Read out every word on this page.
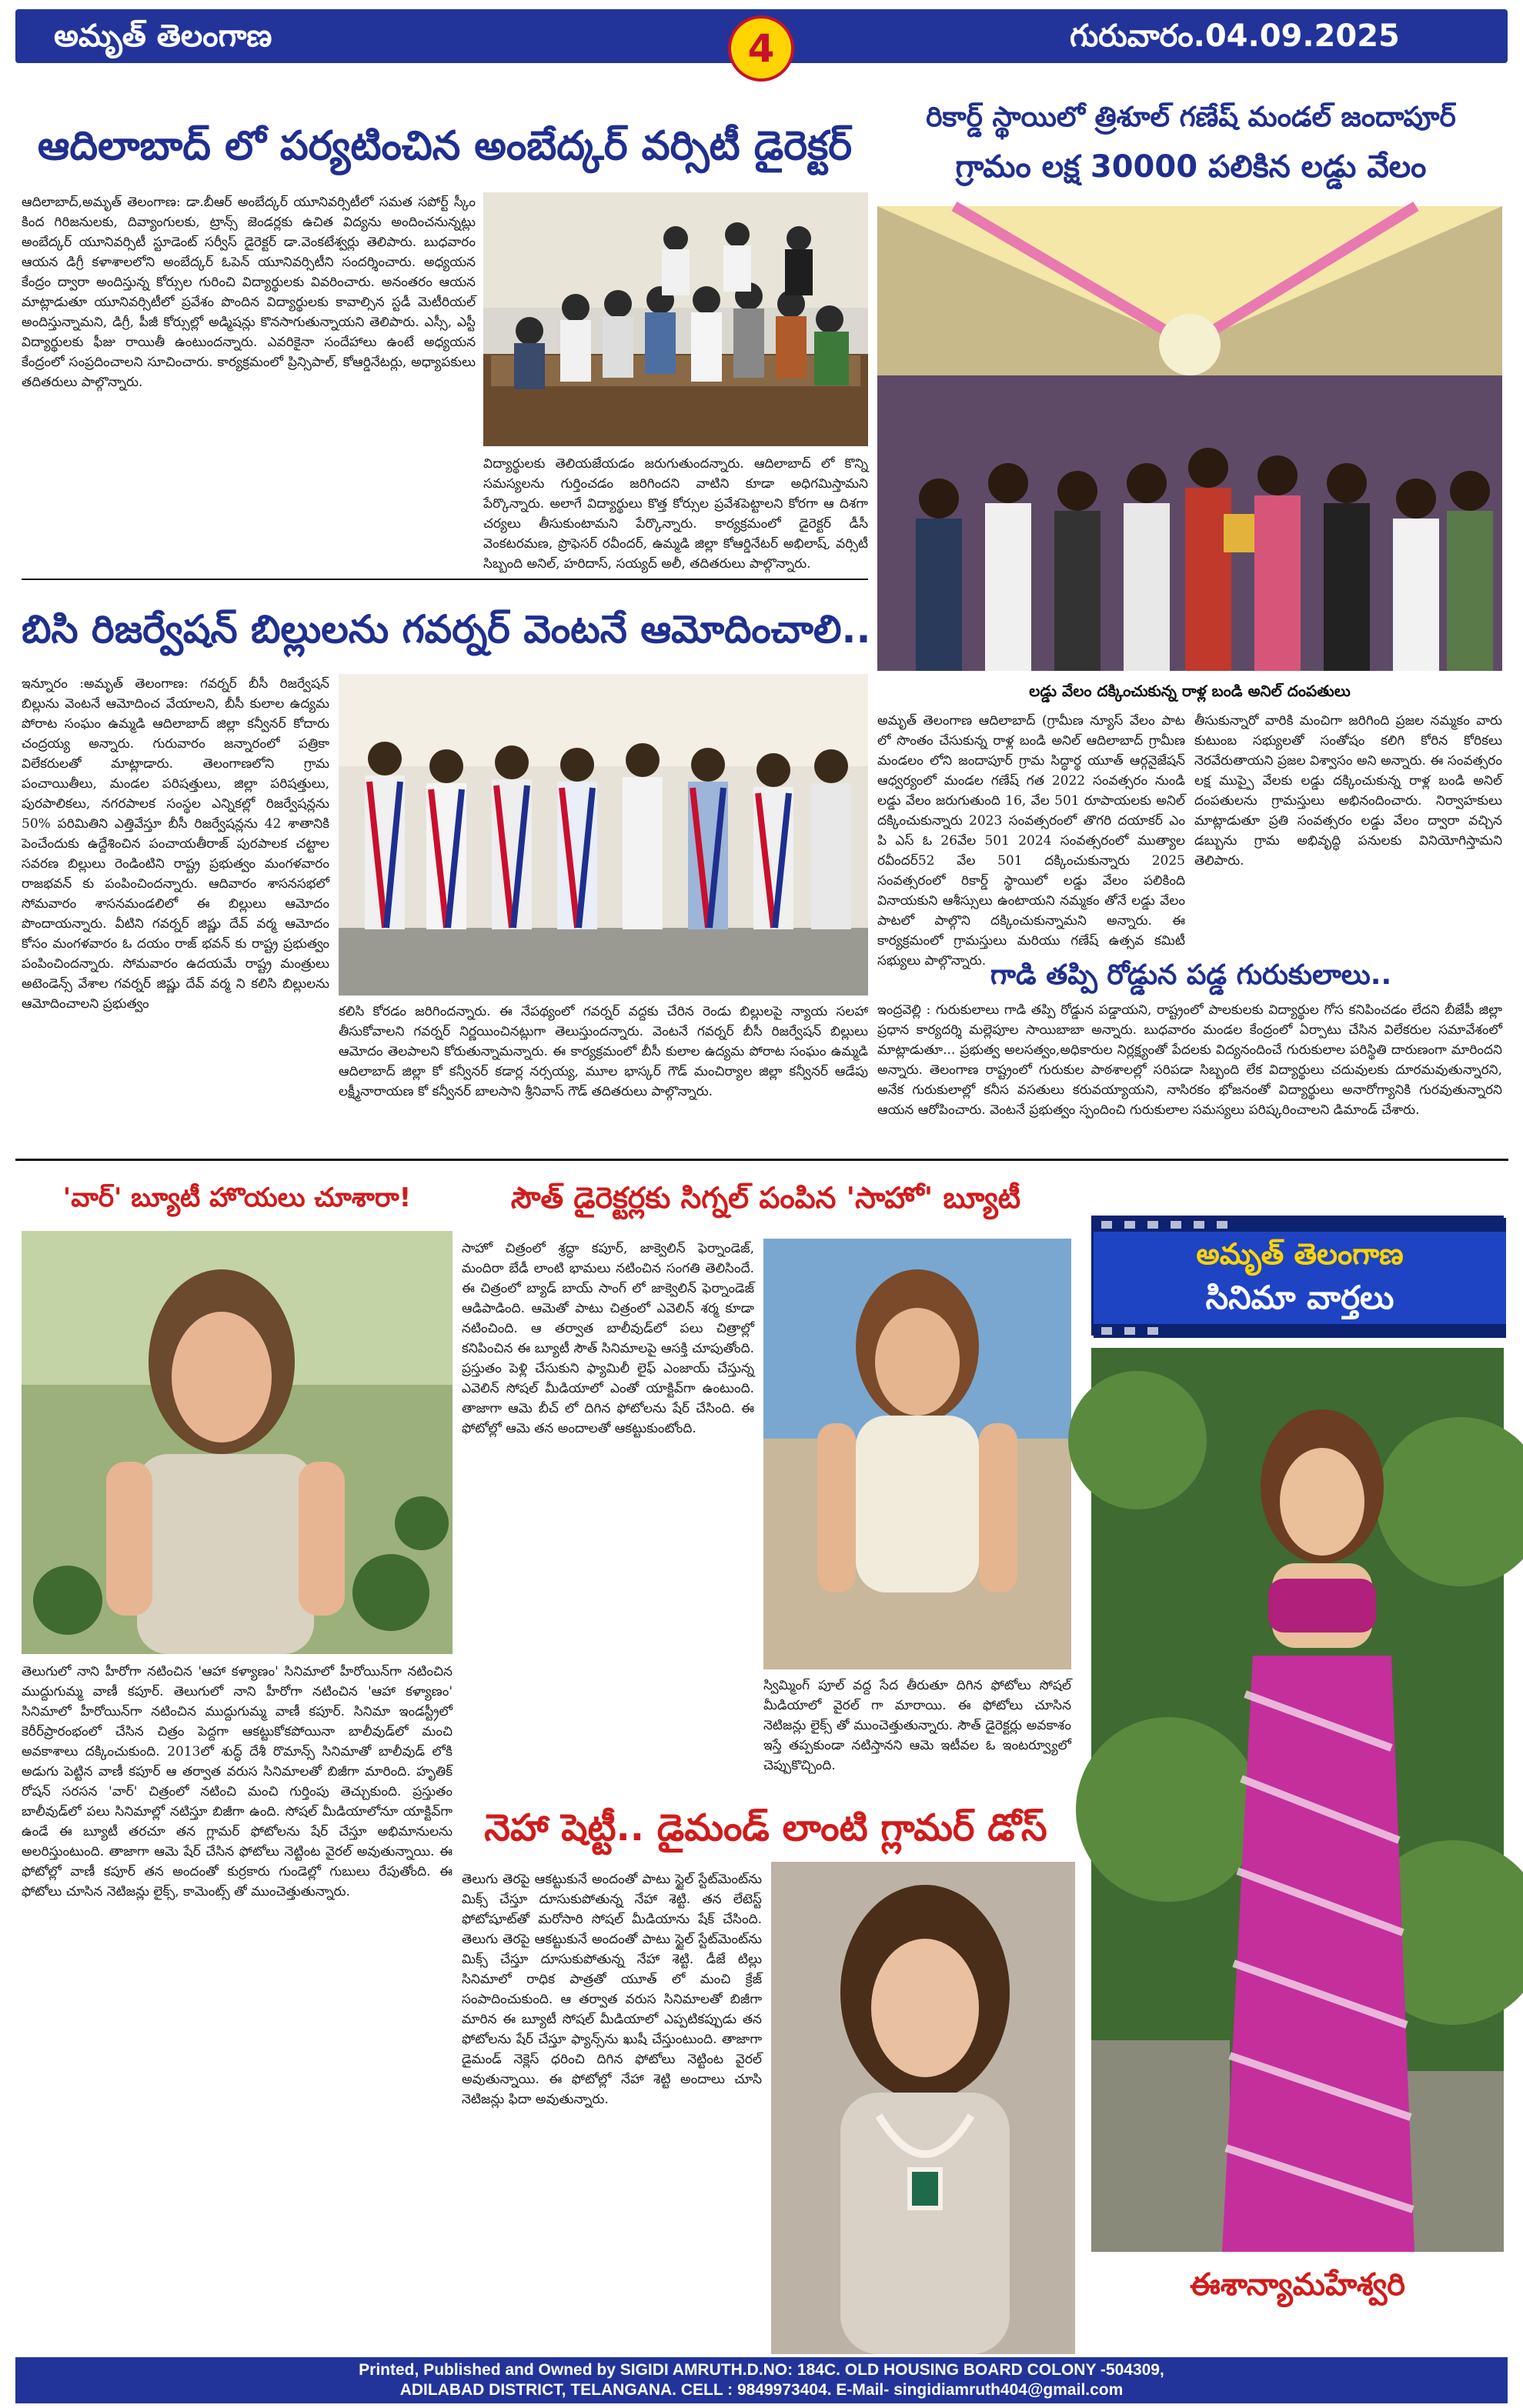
అమృత్ తెలంగాణ	4	గురువారం.04.09.2025
ఆదిలాబాద్ లో పర్యటించిన అంబేద్కర్ వర్సిటీ డైరెక్టర్
ఆదిలాబాద్,అమృత్ తెలంగాణ: డా.బీఆర్ అంబేద్కర్ యూనివర్సిటీలో సమత సపోర్ట్ స్కీం కింద గిరిజనులకు, దివ్యాంగులకు, ట్రాన్స్ జెండర్లకు ఉచిత విద్యను అందించనున్నట్లు అంబేద్కర్ యూనివర్సిటీ స్టూడెంట్ సర్వీస్ డైరెక్టర్ డా.వెంకటేశ్వర్లు తెలిపారు. బుధవారం ఆయన డిగ్రీ కళాశాలలోని అంబేద్కర్ ఓపెన్ యూనివర్సిటీని సందర్శించారు. అధ్యయన కేంద్రం ద్వారా అందిస్తున్న కోర్సుల గురించి విద్యార్థులకు వివరించారు. అనంతరం ఆయన మాట్లాడుతూ యూనివర్సిటీలో ప్రవేశం పొందిన విద్యార్థులకు కావాల్సిన స్టడీ మెటీరియల్ అందిస్తున్నామని, డిగ్రీ, పీజీ కోర్సుల్లో అడ్మిషన్లు కొనసాగుతున్నాయని తెలిపారు. ఎస్సీ, ఎస్టీ విద్యార్థులకు ఫీజు రాయితీ ఉంటుందన్నారు. ఎవరికైనా సందేహాలు ఉంటే అధ్యయన కేంద్రంలో సంప్రదించాలని సూచించారు. కార్యక్రమంలో ప్రిన్సిపాల్, కోఆర్డినేటర్లు, అధ్యాపకులు తదితరులు పాల్గొన్నారు.
విద్యార్థులకు తెలియజేయడం జరుగుతుందన్నారు. ఆదిలాబాద్ లో కొన్ని సమస్యలను గుర్తించడం జరిగిందని వాటిని కూడా అధిగమిస్తామని పేర్కొన్నారు. అలాగే విద్యార్థులు కొత్త కోర్సుల ప్రవేశపెట్టాలని కోరగా ఆ దిశగా చర్యలు తీసుకుంటామని పేర్కొన్నారు. కార్యక్రమంలో డైరెక్టర్ డీసీ వెంకటరమణ, ప్రొఫెసర్ రవీందర్, ఉమ్మడి జిల్లా కోఆర్డినేటర్ అభిలాష్, వర్సిటీ సిబ్బంది అనిల్, హరిదాస్, సయ్యద్ అలీ, తదితరులు పాల్గొన్నారు.
బిసి రిజర్వేషన్ బిల్లులను గవర్నర్ వెంటనే ఆమోదించాలి..
ఇన్నూరం :అమృత్ తెలంగాణ: గవర్నర్ బీసీ రిజర్వేషన్ బిల్లును వెంటనే ఆమోదించ వేయాలని, బీసీ కులాల ఉద్యమ పోరాట సంఘం ఉమ్మడి ఆదిలాబాద్ జిల్లా కన్వీనర్ కోదారు చంద్రయ్య అన్నారు. గురువారం జన్నారంలో పత్రికా విలేకరులతో మాట్లాడారు. తెలంగాణలోని గ్రామ పంచాయితీలు, మండల పరిషత్తులు, జిల్లా పరిషత్తులు, పురపాలికలు, నగరపాలక సంస్థల ఎన్నికల్లో రిజర్వేషన్లను 50% పరిమితిని ఎత్తివేస్తూ బీసీ రిజర్వేషన్లను 42 శాతానికి పెంచేందుకు ఉద్దేశించిన పంచాయతీరాజ్ పురపాలక చట్టాల సవరణ బిల్లులు రెండింటిని రాష్ట్ర ప్రభుత్వం మంగళవారం రాజభవన్ కు పంపించిందన్నారు. ఆదివారం శాసనసభలో సోమవారం శాసనమండలిలో ఈ బిల్లులు ఆమోదం పొందాయన్నారు. వీటిని గవర్నర్ జిష్ణు దేవ్ వర్మ ఆమోదం కోసం మంగళవారం ఓ దయం రాజ్ భవన్ కు రాష్ట్ర ప్రభుత్వం పంపించిందన్నారు. సోమవారం ఉదయమే రాష్ట్ర మంత్రులు అటెండెన్స్ వేశాల గవర్నర్ జిష్ణు దేవ్ వర్మ ని కలిసి బిల్లులను ఆమోదించాలని ప్రభుత్వం	కలిసి కోరడం జరిగిందన్నారు. ఈ నేపథ్యంలో గవర్నర్ వద్దకు చేరిన రెండు బిల్లులపై న్యాయ సలహా తీసుకోవాలని గవర్నర్ నిర్ణయించినట్లుగా తెలుస్తుందన్నారు. వెంటనే గవర్నర్ బీసీ రిజర్వేషన్ బిల్లులు ఆమోదం తెలపాలని కోరుతున్నామన్నారు. ఈ కార్యక్రమంలో బీసీ కులాల ఉద్యమ పోరాట సంఘం ఉమ్మడి ఆదిలాబాద్ జిల్లా కో కన్వీనర్ కడార్ల నర్సయ్య, మూల భాస్కర్ గౌడ్ మంచిర్యాల జిల్లా కన్వీనర్ ఆడేపు లక్ష్మీనారాయణ కో కన్వీనర్ బాలసాని శ్రీనివాస్ గౌడ్ తదితరులు పాల్గొన్నారు.
రికార్డ్ స్థాయిలో త్రిశూల్ గణేష్ మండల్ జందాపూర్
గ్రామం లక్ష 30000 పలికిన లడ్డు వేలం
లడ్డు వేలం దక్కించుకున్న రాళ్ల బండి అనిల్ దంపతులు
అమృత్ తెలంగాణ ఆదిలాబాద్ (గ్రామీణ న్యూస్ వేలం పాట లో సొంతం చేసుకున్న రాళ్ల బండి అనిల్ ఆదిలాబాద్ గ్రామీణ మండలం లోని జందాపూర్ గ్రామ సిద్ధార్థ యూత్ ఆర్గనైజేషన్ ఆధ్వర్యంలో మండల గణేష్ గత 2022 సంవత్సరం నుండి లడ్డు వేలం జరుగుతుంది 16, వేల 501 రూపాయలకు అనిల్ దక్కించుకున్నారు 2023 సంవత్సరంలో తొగరి దయాకర్ ఎం పి ఎస్ ఓ 26వేల 501 2024 సంవత్సరంలో ముత్యాల రవీందర్52 వేల 501 దక్కించుకున్నారు 2025 సంవత్సరంలో రికార్డ్ స్థాయిలో లడ్డు వేలం పలికింది వినాయకుని ఆశీస్సులు ఉంటాయని నమ్మకం తోనే లడ్డు వేలం పాటలో పాల్గొని దక్కించుకున్నామని అన్నారు. ఈ కార్యక్రమంలో గ్రామస్తులు మరియు గణేష్ ఉత్సవ కమిటీ సభ్యులు పాల్గొన్నారు.
తీసుకున్నారో వారికి మంచిగా జరిగింది ప్రజల నమ్మకం వారు కుటుంబ సభ్యులతో సంతోషం కలిగి కోరిన కోరికలు నెరవేరుతాయని ప్రజల విశ్వాసం అని అన్నారు. ఈ సంవత్సరం లక్ష ముప్పై వేలకు లడ్డు దక్కించుకున్న రాళ్ల బండి అనిల్ దంపతులను గ్రామస్తులు అభినందించారు. నిర్వాహకులు మాట్లాడుతూ ప్రతి సంవత్సరం లడ్డు వేలం ద్వారా వచ్చిన డబ్బును గ్రామ అభివృద్ధి పనులకు వినియోగిస్తామని తెలిపారు.
గాడి తప్పి రోడ్డున పడ్డ గురుకులాలు..
ఇంద్రవెల్లి : గురుకులాలు గాడి తప్పి రోడ్డున పడ్డాయని, రాష్ట్రంలో పాలకులకు విద్యార్థుల గోస కనిపించడం లేదని బీజేపీ జిల్లా ప్రధాన కార్యదర్శి మల్లెపూల సాయిబాబా అన్నారు. బుధవారం మండల కేంద్రంలో ఏర్పాటు చేసిన విలేకరుల సమావేశంలో మాట్లాడుతూ... ప్రభుత్వ అలసత్వం,అధికారుల నిర్లక్ష్యంతో పేదలకు విద్యనందించే గురుకులాల పరిస్థితి దారుణంగా మారిందని అన్నారు. తెలంగాణ రాష్ట్రంలో గురుకుల పాఠశాలల్లో సరిపడా సిబ్బంది లేక విద్యార్థులు చదువులకు దూరమవుతున్నారని, అనేక గురుకులాల్లో కనీస వసతులు కరువయ్యాయని, నాసిరకం భోజనంతో విద్యార్థులు అనారోగ్యానికి గురవుతున్నారని ఆయన ఆరోపించారు. వెంటనే ప్రభుత్వం స్పందించి గురుకులాల సమస్యలు పరిష్కరించాలని డిమాండ్ చేశారు.
'వార్' బ్యూటీ హొయలు చూశారా!
తెలుగులో నాని హీరోగా నటించిన 'ఆహా కళ్యాణం' సినిమాలో హీరోయిన్‌గా నటించిన ముద్దుగుమ్మ వాణీ కపూర్. తెలుగులో నాని హీరోగా నటించిన 'ఆహా కళ్యాణం' సినిమాలో హీరోయిన్‌గా నటించిన ముద్దుగుమ్మ వాణీ కపూర్. సినిమా ఇండస్ట్రీలో కెరీర్‌ప్రారంభంలో చేసిన చిత్రం పెద్దగా ఆకట్టుకోకపోయినా బాలీవుడ్‌లో మంచి అవకాశాలు దక్కించుకుంది. 2013లో శుద్ధ్ దేశీ రొమాన్స్ సినిమాతో బాలీవుడ్ లోకి అడుగు పెట్టిన వాణీ కపూర్ ఆ తర్వాత వరుస సినిమాలతో బిజీగా మారింది. హృతిక్ రోషన్ సరసన 'వార్' చిత్రంలో నటించి మంచి గుర్తింపు తెచ్చుకుంది. ప్రస్తుతం బాలీవుడ్‌లో పలు సినిమాల్లో నటిస్తూ బిజీగా ఉంది. సోషల్ మీడియాలోనూ యాక్టివ్‌గా ఉండే ఈ బ్యూటీ తరచూ తన గ్లామర్ ఫోటోలను షేర్ చేస్తూ అభిమానులను అలరిస్తుంటుంది. తాజాగా ఆమె షేర్ చేసిన ఫోటోలు నెట్టింట వైరల్ అవుతున్నాయి. ఈ ఫోటోల్లో వాణీ కపూర్ తన అందంతో కుర్రకారు గుండెల్లో గుబులు రేపుతోంది. ఈ ఫోటోలు చూసిన నెటిజన్లు లైక్స్, కామెంట్స్ తో ముంచెత్తుతున్నారు.
సౌత్ డైరెక్టర్లకు సిగ్నల్ పంపిన 'సాహో' బ్యూటీ
సాహో చిత్రంలో శ్రద్ధా కపూర్, జాక్వెలిన్ ఫెర్నాండెజ్, మందిరా బేడీ లాంటి భామలు నటించిన సంగతి తెలిసిందే. ఈ చిత్రంలో బ్యాడ్ బాయ్ సాంగ్ లో జాక్వెలిన్ ఫెర్నాండెజ్ ఆడిపాడింది. ఆమెతో పాటు చిత్రంలో ఎవెలిన్ శర్మ కూడా నటించింది. ఆ తర్వాత బాలీవుడ్‌లో పలు చిత్రాల్లో కనిపించిన ఈ బ్యూటీ సౌత్ సినిమాలపై ఆసక్తి చూపుతోంది. ప్రస్తుతం పెళ్లి చేసుకుని ఫ్యామిలీ లైఫ్ ఎంజాయ్ చేస్తున్న ఎవెలిన్ సోషల్ మీడియాలో ఎంతో యాక్టివ్‌గా ఉంటుంది. తాజాగా ఆమె బీచ్ లో దిగిన ఫోటోలను షేర్ చేసింది. ఈ ఫోటోల్లో ఆమె తన అందాలతో ఆకట్టుకుంటోంది.
స్విమ్మింగ్ పూల్ వద్ద సేద తీరుతూ దిగిన ఫోటోలు సోషల్ మీడియాలో వైరల్ గా మారాయి. ఈ ఫోటోలు చూసిన నెటిజన్లు లైక్స్ తో ముంచెత్తుతున్నారు. సౌత్ డైరెక్టర్లు అవకాశం ఇస్తే తప్పకుండా నటిస్తానని ఆమె ఇటీవల ఓ ఇంటర్వ్యూలో చెప్పుకొచ్చింది.
నెహా షెట్టీ.. డైమండ్ లాంటి గ్లామర్ డోస్
తెలుగు తెరపై ఆకట్టుకునే అందంతో పాటు స్టైల్ స్టేట్‌మెంట్‌ను మిక్స్ చేస్తూ దూసుకుపోతున్న నేహా శెట్టి. తన లేటెస్ట్ ఫోటోషూట్‌తో మరోసారి సోషల్ మీడియాను షేక్ చేసింది. తెలుగు తెరపై ఆకట్టుకునే అందంతో పాటు స్టైల్ స్టేట్‌మెంట్‌ను మిక్స్ చేస్తూ దూసుకుపోతున్న నేహా శెట్టి. డీజే టిల్లు సినిమాలో రాధిక పాత్రతో యూత్ లో మంచి క్రేజ్ సంపాదించుకుంది. ఆ తర్వాత వరుస సినిమాలతో బిజీగా మారిన ఈ బ్యూటీ సోషల్ మీడియాలో ఎప్పటికప్పుడు తన ఫోటోలను షేర్ చేస్తూ ఫ్యాన్స్‌ను ఖుషీ చేస్తుంటుంది. తాజాగా డైమండ్ నెక్లెస్ ధరించి దిగిన ఫోటోలు నెట్టింట వైరల్ అవుతున్నాయి. ఈ ఫోటోల్లో నేహా శెట్టి అందాలు చూసి నెటిజన్లు ఫిదా అవుతున్నారు.
అమృత్ తెలంగాణ
సినిమా వార్తలు
ఈశాన్యామహేశ్వరి
Printed, Published and Owned by SIGIDI AMRUTH.D.NO: 184C. OLD HOUSING BOARD COLONY -504309,
ADILABAD DISTRICT, TELANGANA. CELL : 9849973404. E-Mail- singidiamruth404@gmail.com
